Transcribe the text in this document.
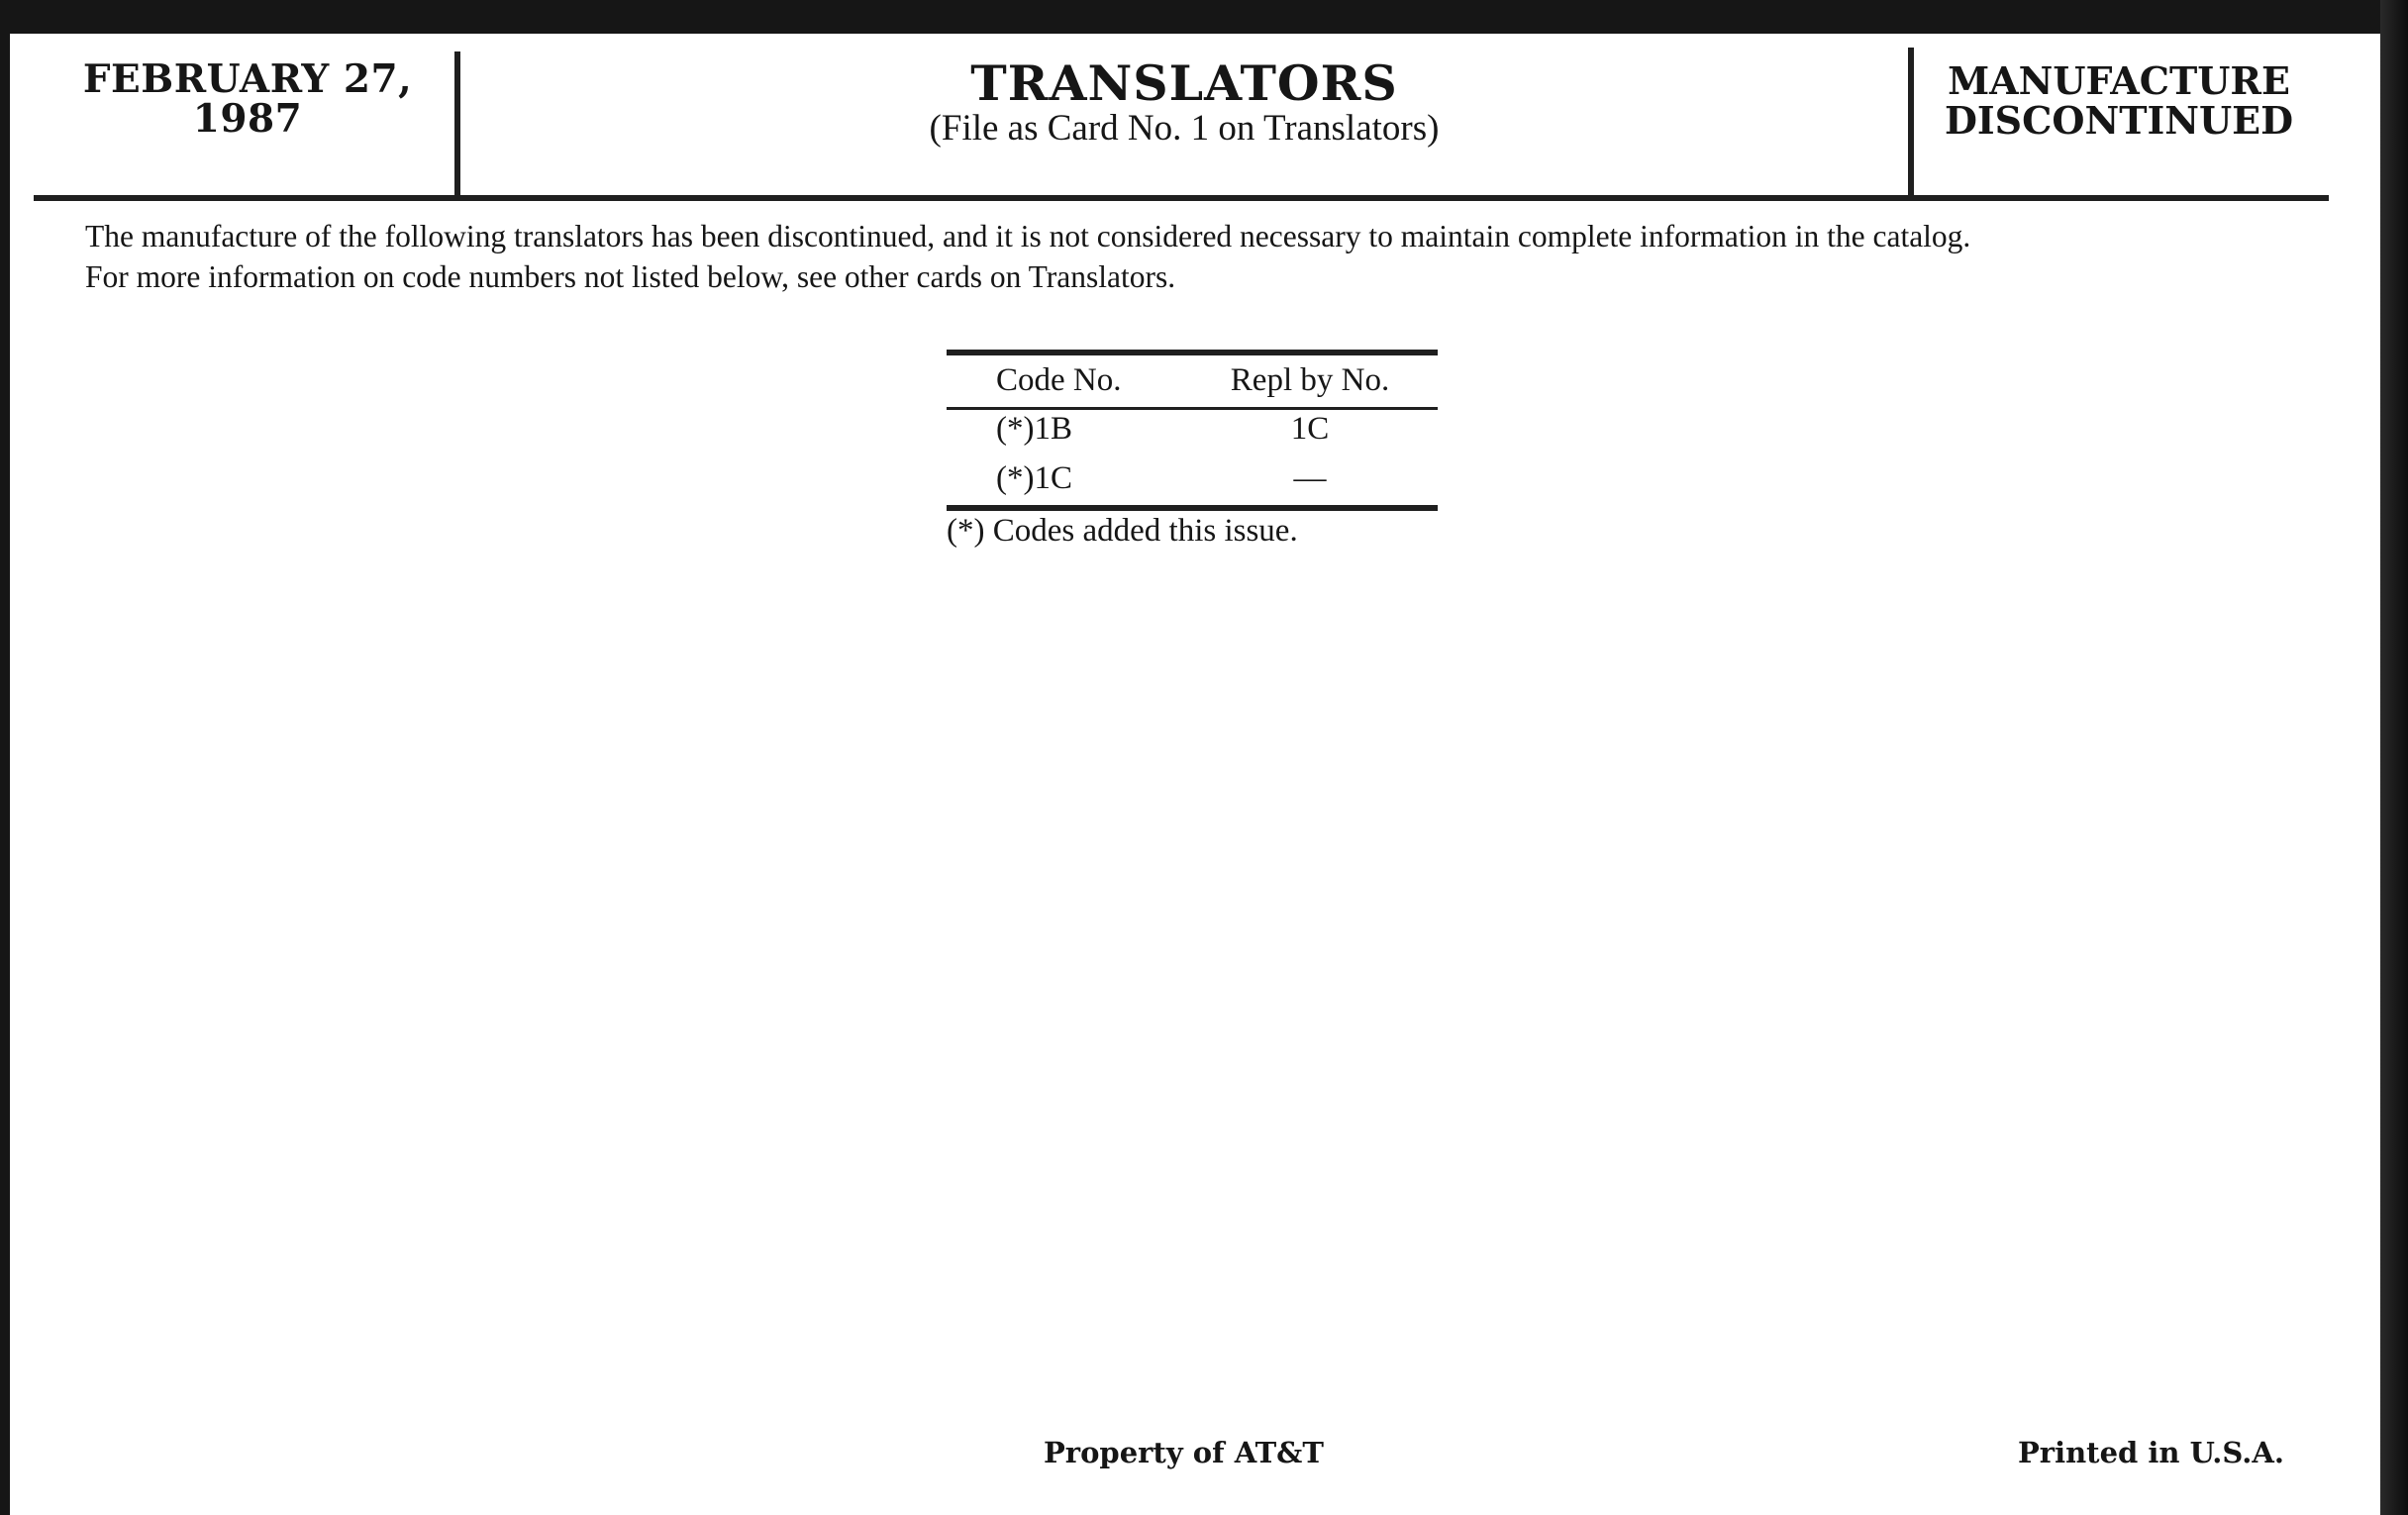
FEBRUARY 27,
1987
TRANSLATORS
(File as Card No. 1 on Translators)
MANUFACTURE
DISCONTINUED
The manufacture of the following translators has been discontinued, and it is not considered necessary to maintain complete information in the catalog.
For more information on code numbers not listed below, see other cards on Translators.
Code No.	Repl by No.
(*)1B	1C
(*)1C	—
(*) Codes added this issue.
Property of AT&T	Printed in U.S.A.
